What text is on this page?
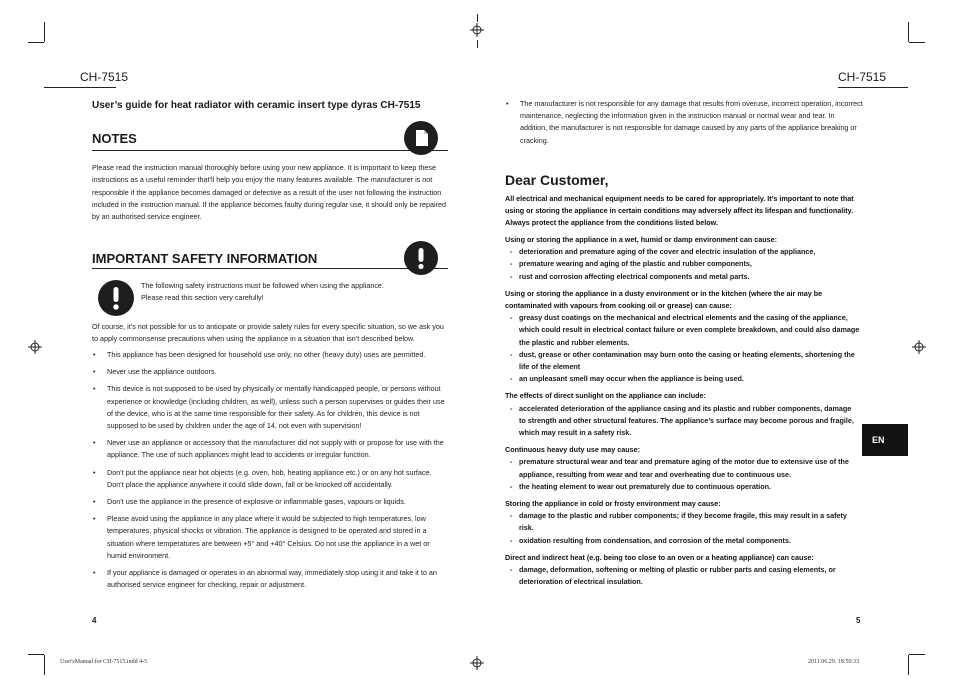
CH-7515	CH-7515
User’s guide for heat radiator with ceramic insert type dyras CH-7515
NOTES
Please read the instruction manual thoroughly before using your new appliance. It is important to keep these instructions as a useful reminder that’ll help you enjoy the many features available. The manufacturer is not responsible if the appliance becomes damaged or defective as a result of the user not following the instruction included in the instruction manual. If the appliance becomes faulty during regular use, it should only be repaired by an authorised service engineer.
IMPORTANT SAFETY INFORMATION
The following safety instructions must be followed when using the appliance.
Please read this section very carefully!
Of course, it’s not possible for us to anticipate or provide safety rules for every specific situation, so we ask you to apply commonsense precautions when using the appliance in a situation that isn’t described below.
• This appliance has been designed for household use only, no other (heavy duty) uses are permitted.
• Never use the appliance outdoors.
• This device is not supposed to be used by physically or mentally handicapped people, or persons without experience or knowledge (including children, as well), unless such a person supervises or guides their use of the device, who is at the same time responsible for their safety. As for children, this device is not supposed to be used by children under the age of 14, not even with supervision!
• Never use an appliance or accessory that the manufacturer did not supply with or propose for use with the appliance. The use of such appliances might lead to accidents or irregular function.
• Don’t put the appliance near hot objects (e.g. oven, hob, heating appliance etc.) or on any hot surface. Don’t place the appliance anywhere it could slide down, fall or be knocked off accidentally.
• Don’t use the appliance in the presence of explosive or inflammable gases, vapours or liquids.
• Please avoid using the appliance in any place where it would be subjected to high temperatures, low temperatures, physical shocks or vibration. The appliance is designed to be operated and stored in a situation where temperatures are between +5° and +40° Celsius. Do not use the appliance in a wet or humid environment.
• If your appliance is damaged or operates in an abnormal way, immediately stop using it and take it to an authorised service engineer for checking, repair or adjustment.
4
• The manufacturer is not responsible for any damage that results from overuse, incorrect operation, incorrect maintenance, neglecting the information given in the instruction manual or normal wear and tear. In addition, the manufacturer is not responsible for damage caused by any parts of the appliance breaking or cracking.
Dear Customer,
All electrical and mechanical equipment needs to be cared for appropriately. It’s important to note that using or storing the appliance in certain conditions may adversely affect its lifespan and functionality. Always protect the appliance from the conditions listed below.
Using or storing the appliance in a wet, humid or damp environment can cause:
- deterioration and premature aging of the cover and electric insulation of the appliance,
- premature wearing and aging of the plastic and rubber components,
- rust and corrosion affecting electrical components and metal parts.
Using or storing the appliance in a dusty environment or in the kitchen (where the air may be contaminated with vapours from cooking oil or grease) can cause:
- greasy dust coatings on the mechanical and electrical elements and the casing of the appliance, which could result in electrical contact failure or even complete breakdown, and could also damage the plastic and rubber elements.
- dust, grease or other contamination may burn onto the casing or heating elements, shortening the life of the element
- an unpleasant smell may occur when the appliance is being used.
The effects of direct sunlight on the appliance can include:
- accelerated deterioration of the appliance casing and its plastic and rubber components, damage to strength and other structural features. The appliance’s surface may become porous and fragile, which may result in a safety risk.
Continuous heavy duty use may cause:
- premature structural wear and tear and premature aging of the motor due to extensive use of the appliance, resulting from wear and tear and overheating due to continuous use.
- the heating element to wear out prematurely due to continuous operation.
Storing the appliance in cold or frosty environment may cause:
- damage to the plastic and rubber components; if they become fragile, this may result in a safety risk.
- oxidation resulting from condensation, and corrosion of the metal components.
Direct and indirect heat (e.g. being too close to an oven or a heating appliance) can cause:
- damage, deformation, softening or melting of plastic or rubber parts and casing elements, or deterioration of electrical insulation.
EN
5
User'sManual for CH-7515.indd 4-5	2011.06.29. 18:50:33
